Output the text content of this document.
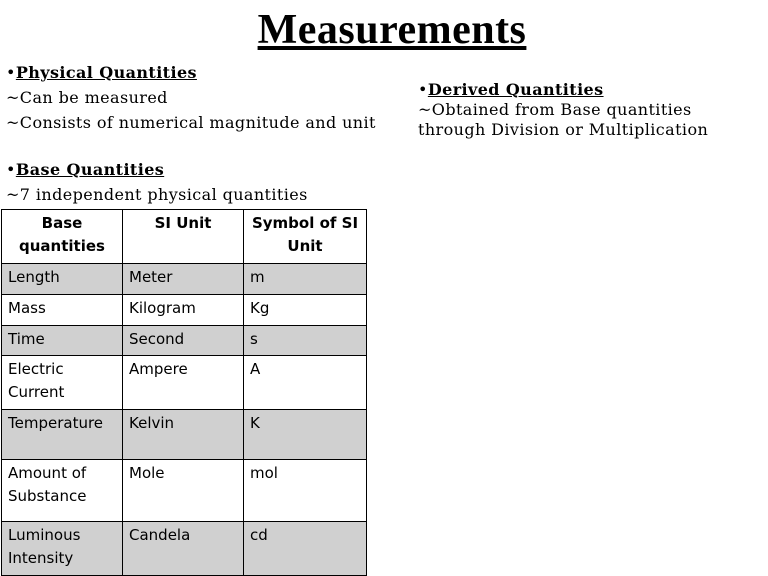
Measurements
•Physical Quantities
~Can be measured
~Consists of numerical magnitude and unit
•Derived Quantities
~Obtained from Base quantities
through Division or Multiplication
•Base Quantities
~7 independent physical quantities
Base quantities	SI Unit	Symbol of SI Unit
Length	Meter	m
Mass	Kilogram	Kg
Time	Second	s
Electric Current	Ampere	A
Temperature	Kelvin	K
Amount of Substance	Mole	mol
Luminous Intensity	Candela	cd
